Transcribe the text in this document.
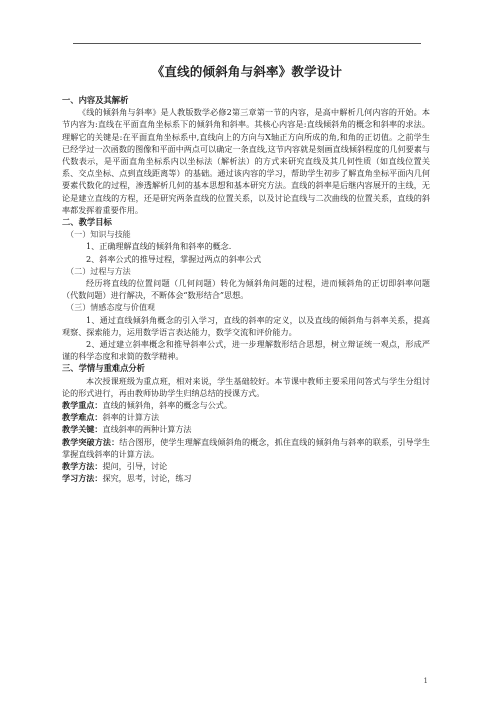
《直线的倾斜角与斜率》教学设计

一、内容及其解析

《线的倾斜角与斜率》是人教版数学必修2第三章第一节的内容，是高中解析几何内容的开始。本节内容为:直线在平面直角坐标系下的倾斜角和斜率。其核心内容是:直线倾斜角的概念和斜率的求法。理解它的关键是:在平面直角坐标系中,直线向上的方向与X轴正方向所成的角,和角的正切值。之前学生已经学过一次函数的图像和平面中两点可以确定一条直线,这节内容就是刻画直线倾斜程度的几何要素与代数表示，是平面直角坐标系内以坐标法（解析法）的方式来研究直线及其几何性质（如直线位置关系、交点坐标、点到直线距离等）的基础。通过该内容的学习，帮助学生初步了解直角坐标平面内几何要素代数化的过程，渗透解析几何的基本思想和基本研究方法。直线的斜率是后继内容展开的主线，无论是建立直线的方程，还是研究两条直线的位置关系，以及讨论直线与二次曲线的位置关系，直线的斜率都发挥着重要作用。

二、教学目标

（一）知识与技能

1、正确理解直线的倾斜角和斜率的概念.

2、斜率公式的推导过程，掌握过两点的斜率公式

（二）过程与方法

经历将直线的位置问题（几何问题）转化为倾斜角问题的过程，进而倾斜角的正切即斜率问题（代数问题）进行解决，不断体会“数形结合”思想。

（三）情感态度与价值观

1、通过直线倾斜角概念的引入学习，直线的斜率的定义，以及直线的倾斜角与斜率关系，提高观察、探索能力，运用数学语言表达能力，数学交流和评价能力。

2、通过建立斜率概念和推导斜率公式，进一步理解数形结合思想，树立辩证统一观点，形成严谨的科学态度和求简的数学精神。

三、学情与重难点分析

本次授课班级为重点班，相对来说，学生基础较好。本节课中教师主要采用问答式与学生分组讨论的形式进行，再由教师协助学生归纳总结的授课方式。

教学重点：直线的倾斜角，斜率的概念与公式。

教学难点：斜率的计算方法

教学关键：直线斜率的两种计算方法

教学突破方法：结合图形，使学生理解直线倾斜角的概念，抓住直线的倾斜角与斜率的联系，引导学生掌握直线斜率的计算方法。

教学方法：提问，引导，讨论

学习方法：探究，思考，讨论，练习

1
